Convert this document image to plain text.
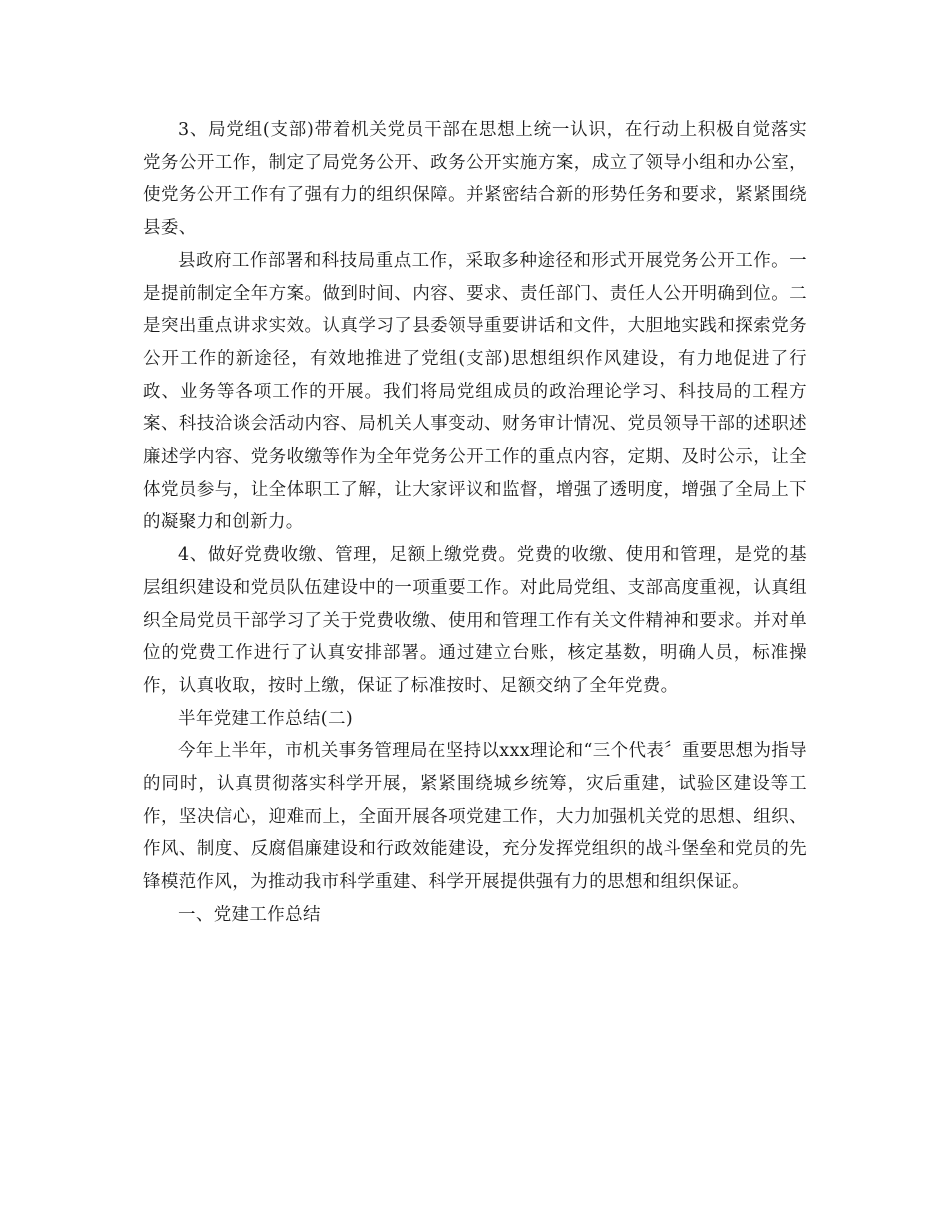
3、局党组(支部)带着机关党员干部在思想上统一认识，在行动上积极自觉落实党务公开工作，制定了局党务公开、政务公开实施方案，成立了领导小组和办公室，使党务公开工作有了强有力的组织保障。并紧密结合新的形势任务和要求，紧紧围绕县委、

县政府工作部署和科技局重点工作，采取多种途径和形式开展党务公开工作。一是提前制定全年方案。做到时间、内容、要求、责任部门、责任人公开明确到位。二是突出重点讲求实效。认真学习了县委领导重要讲话和文件，大胆地实践和探索党务公开工作的新途径，有效地推进了党组(支部)思想组织作风建设，有力地促进了行政、业务等各项工作的开展。我们将局党组成员的政治理论学习、科技局的工程方案、科技洽谈会活动内容、局机关人事变动、财务审计情况、党员领导干部的述职述廉述学内容、党务收缴等作为全年党务公开工作的重点内容，定期、及时公示，让全体党员参与，让全体职工了解，让大家评议和监督，增强了透明度，增强了全局上下的凝聚力和创新力。

4、做好党费收缴、管理，足额上缴党费。党费的收缴、使用和管理，是党的基层组织建设和党员队伍建设中的一项重要工作。对此局党组、支部高度重视，认真组织全局党员干部学习了关于党费收缴、使用和管理工作有关文件精神和要求。并对单位的党费工作进行了认真安排部署。通过建立台账，核定基数，明确人员，标准操作，认真收取，按时上缴，保证了标准按时、足额交纳了全年党费。

半年党建工作总结(二)

今年上半年，市机关事务管理局在坚持以xxx理论和“三个代表〞重要思想为指导的同时，认真贯彻落实科学开展，紧紧围绕城乡统筹，灾后重建，试验区建设等工作，坚决信心，迎难而上，全面开展各项党建工作，大力加强机关党的思想、组织、作风、制度、反腐倡廉建设和行政效能建设，充分发挥党组织的战斗堡垒和党员的先锋模范作风，为推动我市科学重建、科学开展提供强有力的思想和组织保证。

一、党建工作总结
